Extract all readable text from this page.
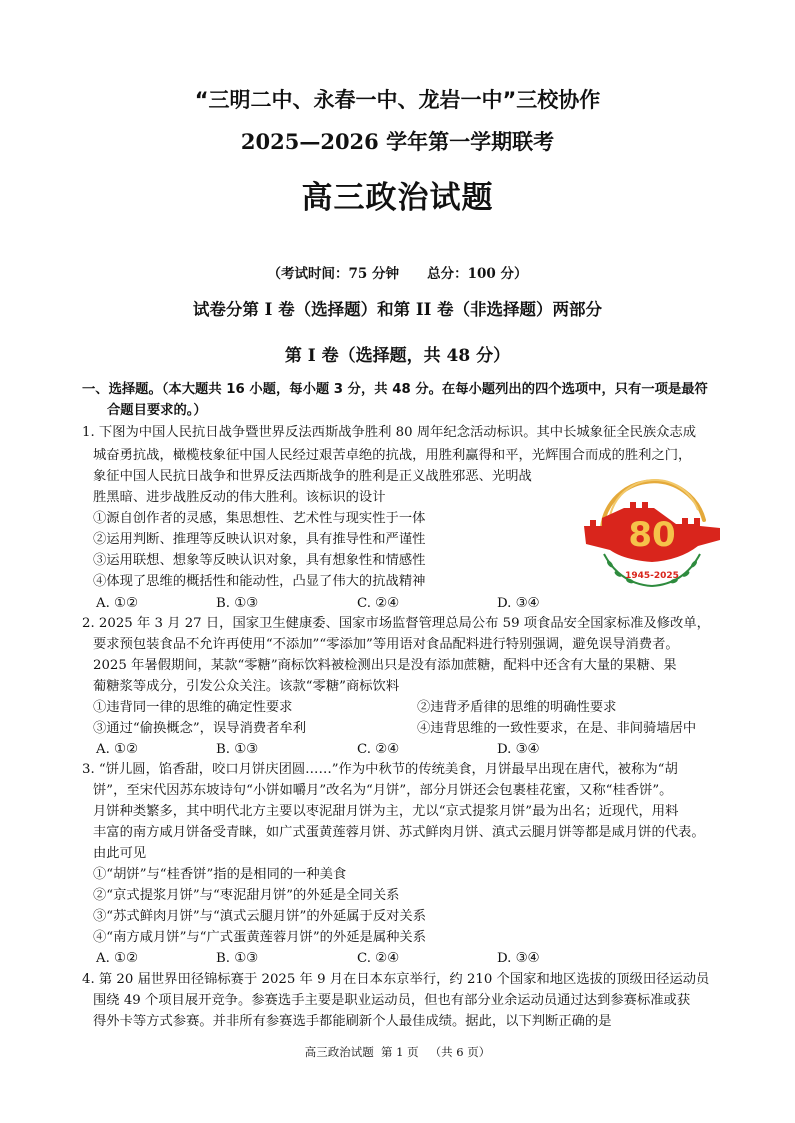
“三明二中、永春一中、龙岩一中”三校协作
2025—2026 学年第一学期联考
高三政治试题
（考试时间：75 分钟      总分：100 分）
试卷分第 I 卷（选择题）和第 II 卷（非选择题）两部分
第 I 卷（选择题，共 48 分）
一、选择题。（本大题共 16 小题，每小题 3 分，共 48 分。在每小题列出的四个选项中，只有一项是最符
合题目要求的。）
1. 下图为中国人民抗日战争暨世界反法西斯战争胜利 80 周年纪念活动标识。其中长城象征全民族众志成
城奋勇抗战，橄榄枝象征中国人民经过艰苦卓绝的抗战，用胜利赢得和平，光辉围合而成的胜利之门，
象征中国人民抗日战争和世界反法西斯战争的胜利是正义战胜邪恶、光明战
胜黑暗、进步战胜反动的伟大胜利。该标识的设计
①源自创作者的灵感，集思想性、艺术性与现实性于一体
②运用判断、推理等反映认识对象，具有推导性和严谨性
③运用联想、想象等反映认识对象，具有想象性和情感性
④体现了思维的概括性和能动性，凸显了伟大的抗战精神
A. ①②	B. ①③	C. ②④	D. ③④
80
1945-2025
2. 2025 年 3 月 27 日，国家卫生健康委、国家市场监督管理总局公布 59 项食品安全国家标准及修改单，
要求预包装食品不允许再使用“不添加”“零添加”等用语对食品配料进行特别强调，避免误导消费者。
2025 年暑假期间，某款“零糖”商标饮料被检测出只是没有添加蔗糖，配料中还含有大量的果糖、果
葡糖浆等成分，引发公众关注。该款“零糖”商标饮料
①违背同一律的思维的确定性要求	②违背矛盾律的思维的明确性要求
③通过“偷换概念”，误导消费者牟利	④违背思维的一致性要求，在是、非间骑墙居中
A. ①②	B. ①③	C. ②④	D. ③④
3. “饼儿圆，馅香甜，咬口月饼庆团圆……”作为中秋节的传统美食，月饼最早出现在唐代，被称为“胡
饼”，至宋代因苏东坡诗句“小饼如嚼月”改名为“月饼”，部分月饼还会包裹桂花蜜，又称“桂香饼”。
月饼种类繁多，其中明代北方主要以枣泥甜月饼为主，尤以“京式提浆月饼”最为出名；近现代，用料
丰富的南方咸月饼备受青睐，如广式蛋黄莲蓉月饼、苏式鲜肉月饼、滇式云腿月饼等都是咸月饼的代表。
由此可见
①“胡饼”与“桂香饼”指的是相同的一种美食
②“京式提浆月饼”与“枣泥甜月饼”的外延是全同关系
③“苏式鲜肉月饼”与“滇式云腿月饼”的外延属于反对关系
④“南方咸月饼”与“广式蛋黄莲蓉月饼”的外延是属种关系
A. ①②	B. ①③	C. ②④	D. ③④
4. 第 20 届世界田径锦标赛于 2025 年 9 月在日本东京举行，约 210 个国家和地区选拔的顶级田径运动员
围绕 49 个项目展开竞争。参赛选手主要是职业运动员，但也有部分业余运动员通过达到参赛标准或获
得外卡等方式参赛。并非所有参赛选手都能刷新个人最佳成绩。据此，以下判断正确的是
高三政治试题  第 1 页   （共 6 页）
